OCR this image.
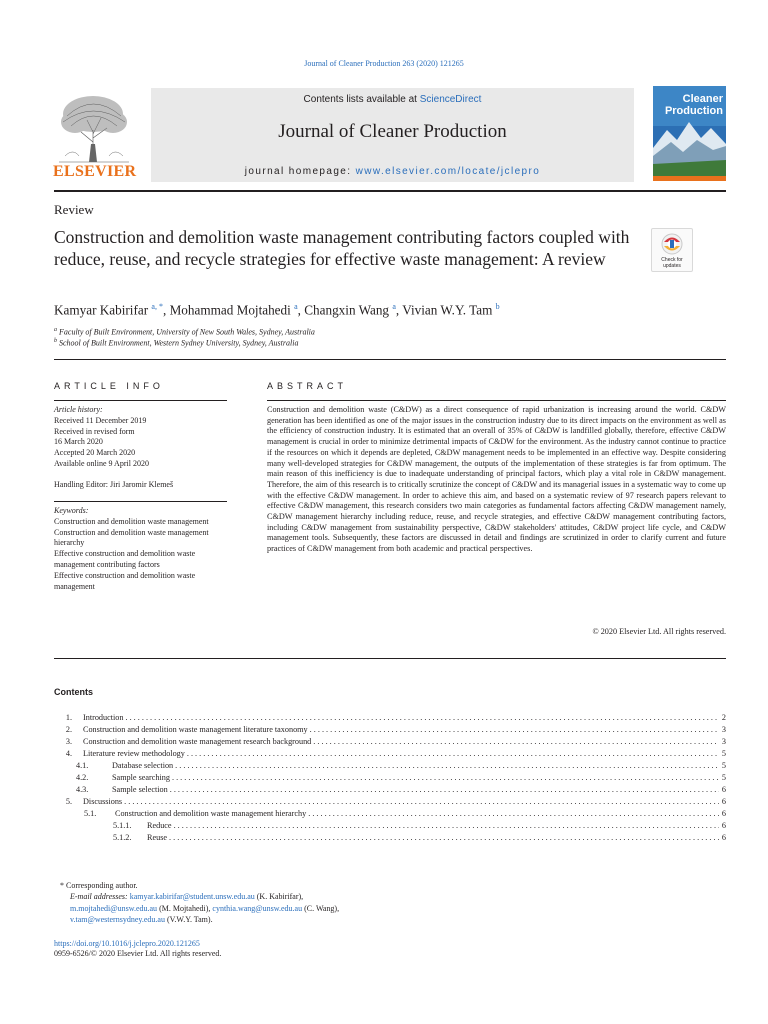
Journal of Cleaner Production 263 (2020) 121265
ELSEVIER
Contents lists available at ScienceDirect
Journal of Cleaner Production
journal homepage: www.elsevier.com/locate/jclepro
Cleaner
Production
Review
Construction and demolition waste management contributing factors coupled with reduce, reuse, and recycle strategies for effective waste management: A review	Check for updates
Kamyar Kabirifar $^{a, *}$, Mohammad Mojtahedi $^a$, Changxin Wang $^a$, Vivian W.Y. Tam $^b$
$^a$ Faculty of Built Environment, University of New South Wales, Sydney, Australia
$^b$ School of Built Environment, Western Sydney University, Sydney, Australia
ARTICLE INFO	ABSTRACT
Article history:
Received 11 December 2019
Received in revised form
16 March 2020
Accepted 20 March 2020
Available online 9 April 2020
Handling Editor: Jiri Jaromir Klemeš
Keywords:
Construction and demolition waste management
Construction and demolition waste management hierarchy
Effective construction and demolition waste management contributing factors
Effective construction and demolition waste management
Construction and demolition waste (C&DW) as a direct consequence of rapid urbanization is increasing around the world. C&DW generation has been identified as one of the major issues in the construction industry due to its direct impacts on the environment as well as the efficiency of construction industry. It is estimated that an overall of 35% of C&DW is landfilled globally, therefore, effective C&DW management is crucial in order to minimize detrimental impacts of C&DW for the environment. As the industry cannot continue to practice if the resources on which it depends are depleted, C&DW management needs to be implemented in an effective way. Despite considering many well-developed strategies for C&DW management, the outputs of the implementation of these strategies is far from optimum. The main reason of this inefficiency is due to inadequate understanding of principal factors, which play a vital role in C&DW management. Therefore, the aim of this research is to critically scrutinize the concept of C&DW and its managerial issues in a systematic way to come up with the effective C&DW management. In order to achieve this aim, and based on a systematic review of 97 research papers relevant to effective C&DW management, this research considers two main categories as fundamental factors affecting C&DW management namely, C&DW management hierarchy including reduce, reuse, and recycle strategies, and effective C&DW management contributing factors, including C&DW management from sustainability perspective, C&DW stakeholders' attitudes, C&DW project life cycle, and C&DW management tools. Subsequently, these factors are discussed in detail and findings are scrutinized in order to clarify current and future practices of C&DW management from both academic and practical perspectives.
© 2020 Elsevier Ltd. All rights reserved.
Contents
1. Introduction . . .	2
2. Construction and demolition waste management literature taxonomy . . .	3
3. Construction and demolition waste management research background . . .	3
4. Literature review methodology . . .	5
4.1.	Database selection . . .	5
4.2.	Sample searching . . .	5
4.3.	Sample selection . . .	6
5. Discussions . . .	6
5.1.	Construction and demolition waste management hierarchy . . .	6
5.1.1.	Reduce . . .	6
5.1.2.	Reuse . . .	6
* Corresponding author.
E-mail addresses: kamyar.kabirifar@student.unsw.edu.au (K. Kabirifar), m.mojtahedi@unsw.edu.au (M. Mojtahedi), cynthia.wang@unsw.edu.au (C. Wang), v.tam@westernsydney.edu.au (V.W.Y. Tam).
https://doi.org/10.1016/j.jclepro.2020.121265
0959-6526/© 2020 Elsevier Ltd. All rights reserved.
